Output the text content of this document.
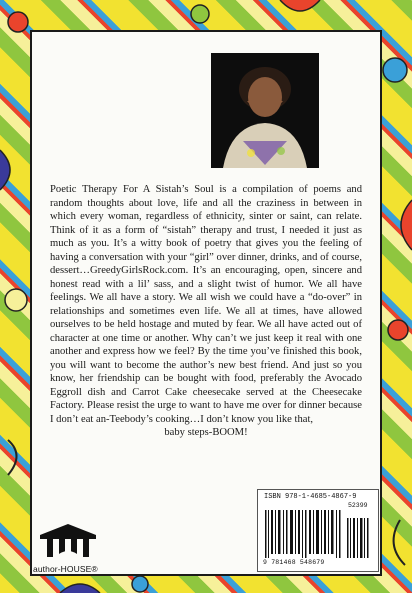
Poetic Therapy For A Sistah’s Soul is a compilation of poems and random thoughts about love, life and all the craziness in between in which every woman, regardless of ethnicity, sinter or saint, can relate. Think of it as a form of “sistah” therapy and trust, I needed it just as much as you. It’s a witty book of poetry that gives you the feeling of having a conversation with your “girl” over dinner, drinks, and of course, dessert…GreedyGirlsRock.com. It’s an encouraging, open, sincere and honest read with a lil’ sass, and a slight twist of humor. We all have feelings. We all have a story. We all wish we could have a “do-over” in relationships and sometimes even life. We all at times, have allowed ourselves to be held hostage and muted by fear. We all have acted out of character at one time or another. Why can’t we just keep it real with one another and express how we feel? By the time you’ve finished this book, you will want to become the author’s new best friend. And just so you know, her friendship can be bought with food, preferably the Avocado Eggroll dish and Carrot Cake cheesecake served at the Cheesecake Factory. Please resist the urge to want to have me over for dinner because I don’t eat an-Teebody’s cooking…I don’t know you like that,
baby steps-BOOM!

author-HOUSE®
ISBN 978-1-4685-4867-9
52399
9 781468 548679
